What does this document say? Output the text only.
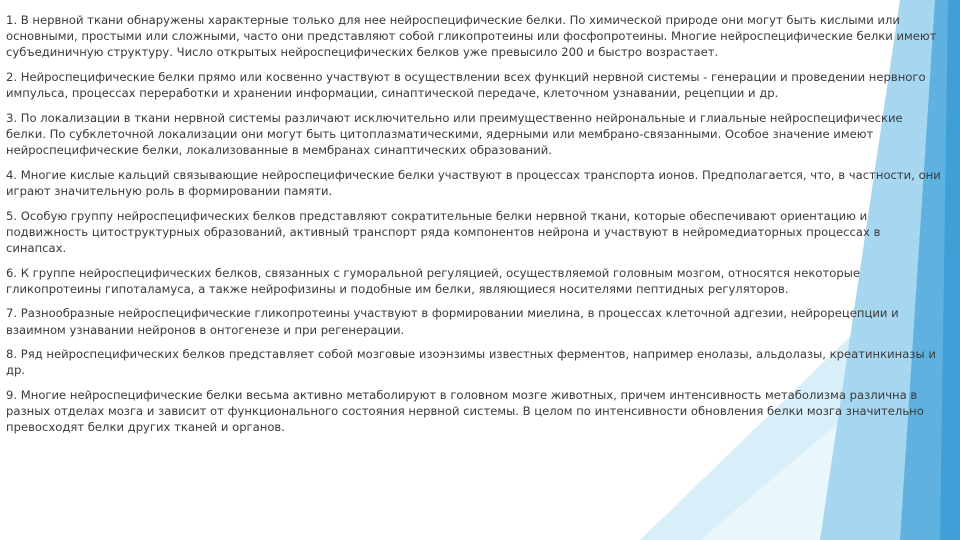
1. В нервной ткани обнаружены характерные только для нее нейроспецифические белки. По химической природе они могут быть кислыми или основными, простыми или сложными, часто они представляют собой гликопротеины или фосфопротеины. Многие нейроспецифические белки имеют субъединичную структуру. Число открытых нейроспецифических белков уже превысило 200 и быстро возрастает.

2. Нейроспецифические белки прямо или косвенно участвуют в осуществлении всех функций нервной системы - генерации и проведении нервного импульса, процессах переработки и хранении информации, синаптической передаче, клеточном узнавании, рецепции и др.

3. По локализации в ткани нервной системы различают исключительно или преимущественно нейрональные и глиальные нейроспецифические белки. По субклеточной локализации они могут быть цитоплазматическими, ядерными или мембрано-связанными. Особое значение имеют нейроспецифические белки, локализованные в мембранах синаптических образований.

4. Многие кислые кальций связывающие нейроспецифические белки участвуют в процессах транспорта ионов. Предполагается, что, в частности, они играют значительную роль в формировании памяти.

5. Особую группу нейроспецифических белков представляют сократительные белки нервной ткани, которые обеспечивают ориентацию и подвижность цитоструктурных образований, активный транспорт ряда компонентов нейрона и участвуют в нейромедиаторных процессах в синапсах.

6. К группе нейроспецифических белков, связанных с гуморальной регуляцией, осуществляемой головным мозгом, относятся некоторые гликопротеины гипоталамуса, а также нейрофизины и подобные им белки, являющиеся носителями пептидных регуляторов.

7. Разнообразные нейроспецифические гликопротеины участвуют в формировании миелина, в процессах клеточной адгезии, нейрорецепции и взаимном узнавании нейронов в онтогенезе и при регенерации.

8. Ряд нейроспецифических белков представляет собой мозговые изоэнзимы известных ферментов, например енолазы, альдолазы, креатинкиназы и др.

9. Многие нейроспецифические белки весьма активно метаболируют в головном мозге животных, причем интенсивность метаболизма различна в разных отделах мозга и зависит от функционального состояния нервной системы. В целом по интенсивности обновления белки мозга значительно превосходят белки других тканей и органов.
